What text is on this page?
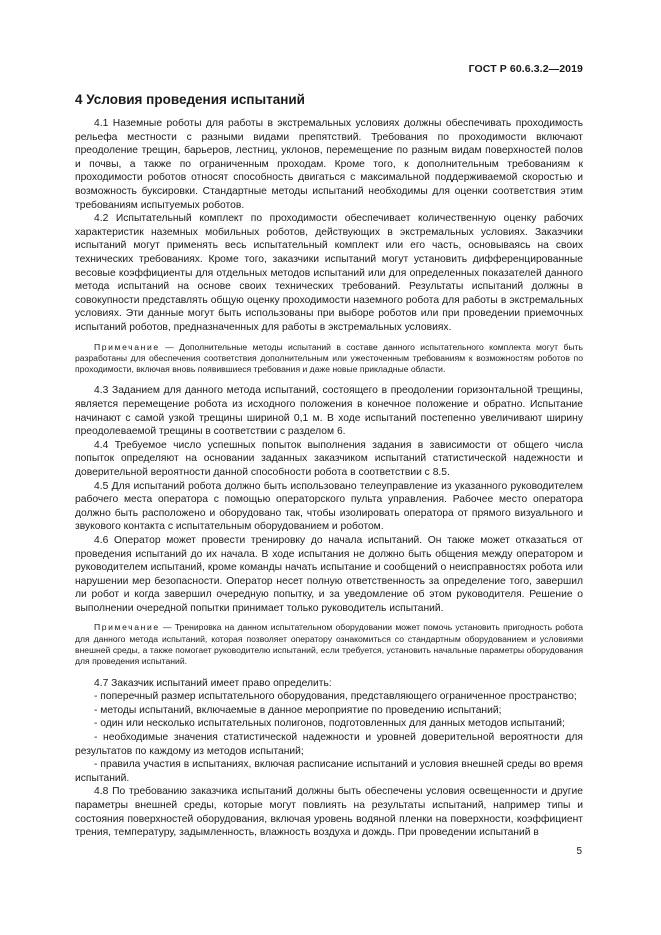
ГОСТ Р 60.6.3.2—2019
4 Условия проведения испытаний

4.1 Наземные роботы для работы в экстремальных условиях должны обеспечивать проходимость рельефа местности с разными видами препятствий. Требования по проходимости включают преодоление трещин, барьеров, лестниц, уклонов, перемещение по разным видам поверхностей полов и почвы, а также по ограниченным проходам. Кроме того, к дополнительным требованиям к проходимости роботов относят способность двигаться с максимальной поддерживаемой скоростью и возможность буксировки. Стандартные методы испытаний необходимы для оценки соответствия этим требованиям испытуемых роботов.

4.2 Испытательный комплект по проходимости обеспечивает количественную оценку рабочих характеристик наземных мобильных роботов, действующих в экстремальных условиях. Заказчики испытаний могут применять весь испытательный комплект или его часть, основываясь на своих технических требованиях. Кроме того, заказчики испытаний могут установить дифференцированные весовые коэффициенты для отдельных методов испытаний или для определенных показателей данного метода испытаний на основе своих технических требований. Результаты испытаний должны в совокупности представлять общую оценку проходимости наземного робота для работы в экстремальных условиях. Эти данные могут быть использованы при выборе роботов или при проведении приемочных испытаний роботов, предназначенных для работы в экстремальных условиях.

Примечание — Дополнительные методы испытаний в составе данного испытательного комплекта могут быть разработаны для обеспечения соответствия дополнительным или ужесточенным требованиям к возможностям роботов по проходимости, включая вновь появившиеся требования и даже новые прикладные области.

4.3 Заданием для данного метода испытаний, состоящего в преодолении горизонтальной трещины, является перемещение робота из исходного положения в конечное положение и обратно. Испытание начинают с самой узкой трещины шириной 0,1 м. В ходе испытаний постепенно увеличивают ширину преодолеваемой трещины в соответствии с разделом 6.

4.4 Требуемое число успешных попыток выполнения задания в зависимости от общего числа попыток определяют на основании заданных заказчиком испытаний статистической надежности и доверительной вероятности данной способности робота в соответствии с 8.5.

4.5 Для испытаний робота должно быть использовано телеуправление из указанного руководителем рабочего места оператора с помощью операторского пульта управления. Рабочее место оператора должно быть расположено и оборудовано так, чтобы изолировать оператора от прямого визуального и звукового контакта с испытательным оборудованием и роботом.

4.6 Оператор может провести тренировку до начала испытаний. Он также может отказаться от проведения испытаний до их начала. В ходе испытания не должно быть общения между оператором и руководителем испытаний, кроме команды начать испытание и сообщений о неисправностях робота или нарушении мер безопасности. Оператор несет полную ответственность за определение того, завершил ли робот и когда завершил очередную попытку, и за уведомление об этом руководителя. Решение о выполнении очередной попытки принимает только руководитель испытаний.

Примечание — Тренировка на данном испытательном оборудовании может помочь установить пригодность робота для данного метода испытаний, которая позволяет оператору ознакомиться со стандартным оборудованием и условиями внешней среды, а также помогает руководителю испытаний, если требуется, установить начальные параметры оборудования для проведения испытаний.

4.7 Заказчик испытаний имеет право определить:

- поперечный размер испытательного оборудования, представляющего ограниченное пространство;

- методы испытаний, включаемые в данное мероприятие по проведению испытаний;

- один или несколько испытательных полигонов, подготовленных для данных методов испытаний;

- необходимые значения статистической надежности и уровней доверительной вероятности для результатов по каждому из методов испытаний;

- правила участия в испытаниях, включая расписание испытаний и условия внешней среды во время испытаний.

4.8 По требованию заказчика испытаний должны быть обеспечены условия освещенности и другие параметры внешней среды, которые могут повлиять на результаты испытаний, например типы и состояния поверхностей оборудования, включая уровень водяной пленки на поверхности, коэффициент трения, температуру, задымленность, влажность воздуха и дождь. При проведении испытаний в

5
